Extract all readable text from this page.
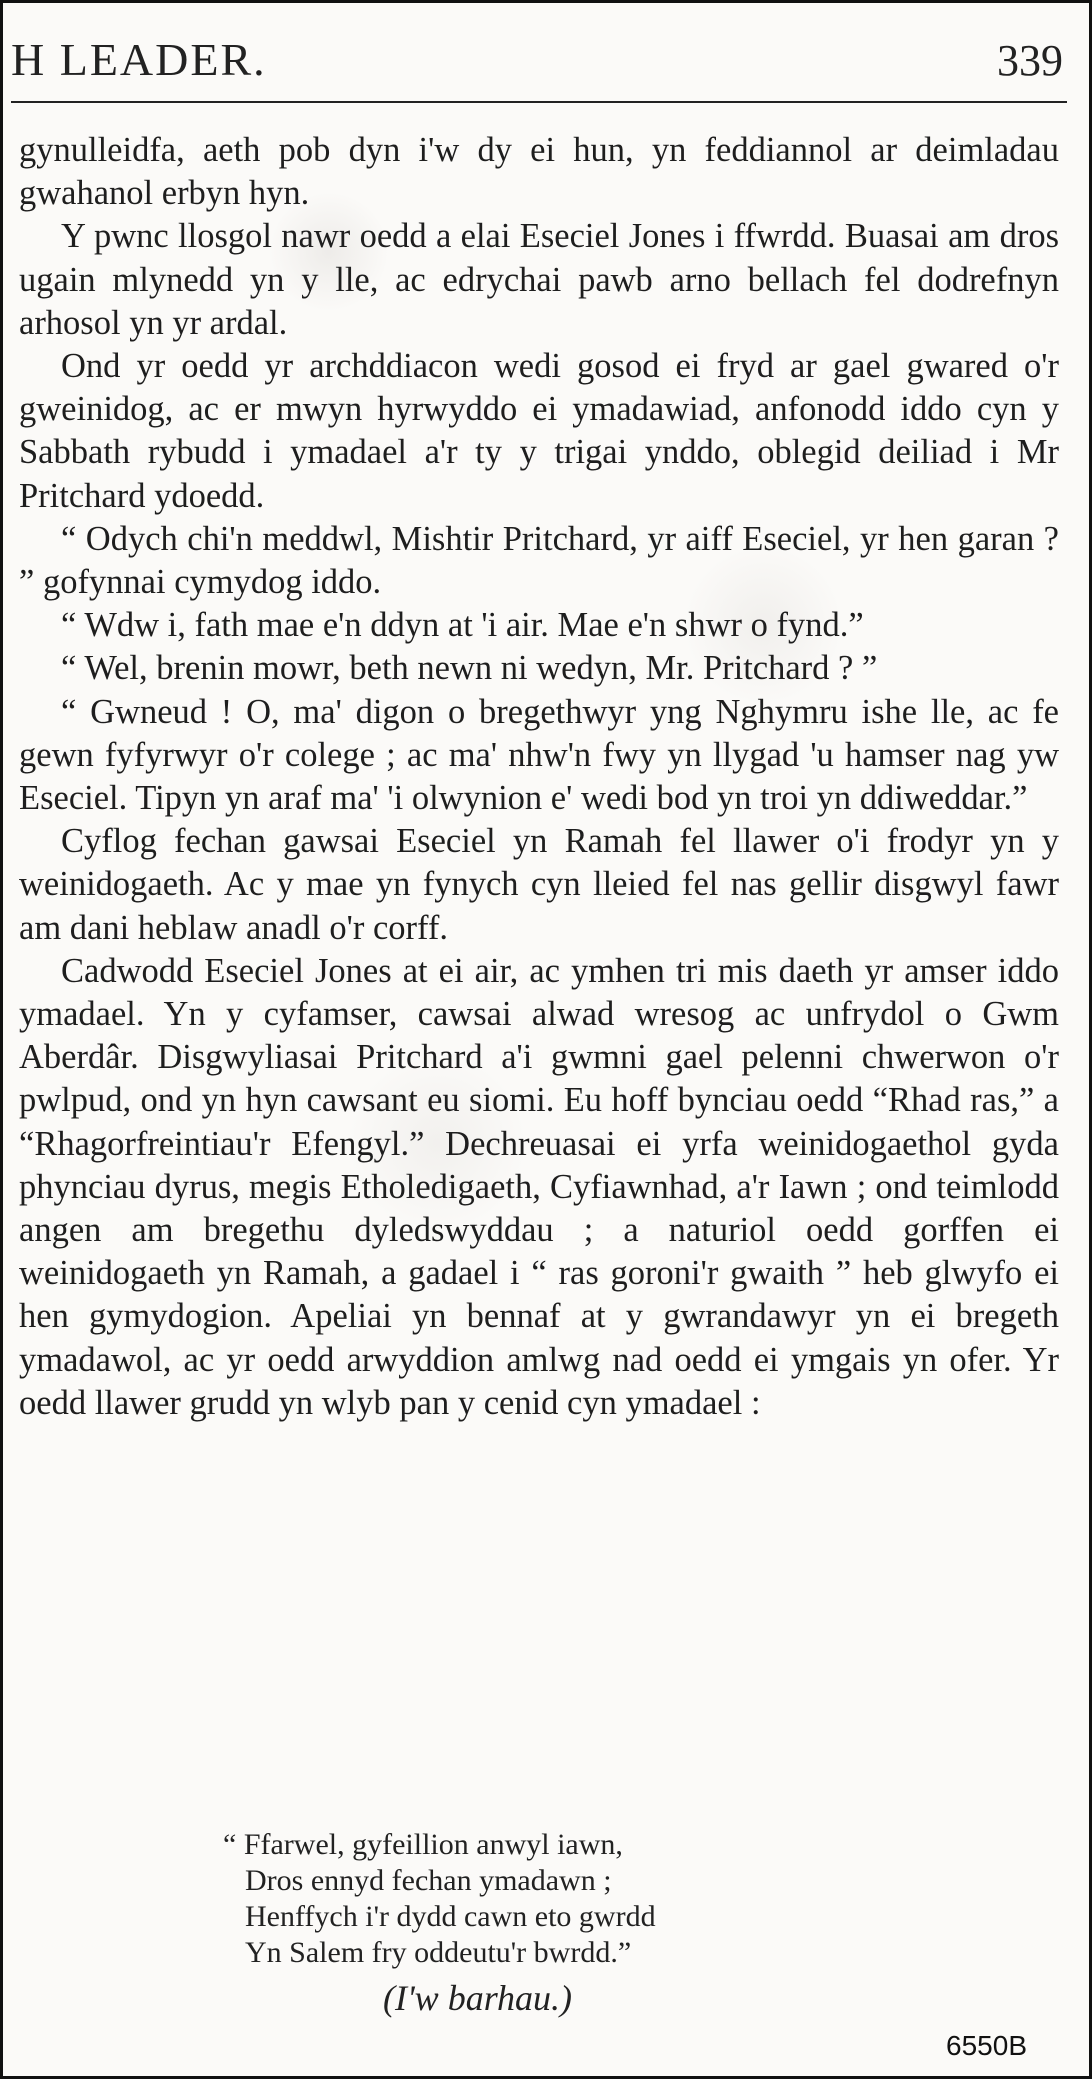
H LEADER.	339

gynulleidfa, aeth pob dyn i'w dy ei hun, yn feddiannol ar deimladau gwahanol erbyn hyn.

Y pwnc llosgol nawr oedd a elai Eseciel Jones i ffwrdd. Buasai am dros ugain mlynedd yn y lle, ac edrychai pawb arno bellach fel dodrefnyn arhosol yn yr ardal.

Ond yr oedd yr archddiacon wedi gosod ei fryd ar gael gwared o'r gweinidog, ac er mwyn hyrwyddo ei ymadawiad, anfonodd iddo cyn y Sabbath rybudd i ymadael a'r ty y trigai ynddo, oblegid deiliad i Mr Pritchard ydoedd.

“ Odych chi'n meddwl, Mishtir Pritchard, yr aiff Eseciel, yr hen garan ? ” gofynnai cymydog iddo.

“ Wdw i, fath mae e'n ddyn at 'i air. Mae e'n shwr o fynd.”

“ Wel, brenin mowr, beth newn ni wedyn, Mr. Pritchard ? ”

“ Gwneud ! O, ma' digon o bregethwyr yng Nghymru ishe lle, ac fe gewn fyfyrwyr o'r colege ; ac ma' nhw'n fwy yn llygad 'u hamser nag yw Eseciel. Tipyn yn araf ma' 'i olwynion e' wedi bod yn troi yn ddiweddar.”

Cyflog fechan gawsai Eseciel yn Ramah fel llawer o'i frodyr yn y weinidogaeth. Ac y mae yn fynych cyn lleied fel nas gellir disgwyl fawr am dani heblaw anadl o'r corff.

Cadwodd Eseciel Jones at ei air, ac ymhen tri mis daeth yr amser iddo ymadael. Yn y cyfamser, cawsai alwad wresog ac unfrydol o Gwm Aberdâr. Disgwyliasai Pritchard a'i gwmni gael pelenni chwerwon o'r pwlpud, ond yn hyn cawsant eu siomi. Eu hoff bynciau oedd “Rhad ras,” a “Rhagorfreintiau'r Efengyl.” Dechreuasai ei yrfa weinidogaethol gyda phynciau dyrus, megis Etholedigaeth, Cyfiawnhad, a'r Iawn ; ond teimlodd angen am bregethu dyledswyddau ; a naturiol oedd gorffen ei weinidogaeth yn Ramah, a gadael i “ ras goroni'r gwaith ” heb glwyfo ei hen gymydogion. Apeliai yn bennaf at y gwrandawyr yn ei bregeth ymadawol, ac yr oedd arwyddion amlwg nad oedd ei ymgais yn ofer. Yr oedd llawer grudd yn wlyb pan y cenid cyn ymadael :

“ Ffarwel, gyfeillion anwyl iawn,
Dros ennyd fechan ymadawn ;
Henffych i'r dydd cawn eto gwrdd
Yn Salem fry oddeutu'r bwrdd.”
(I'w barhau.)
6550B
